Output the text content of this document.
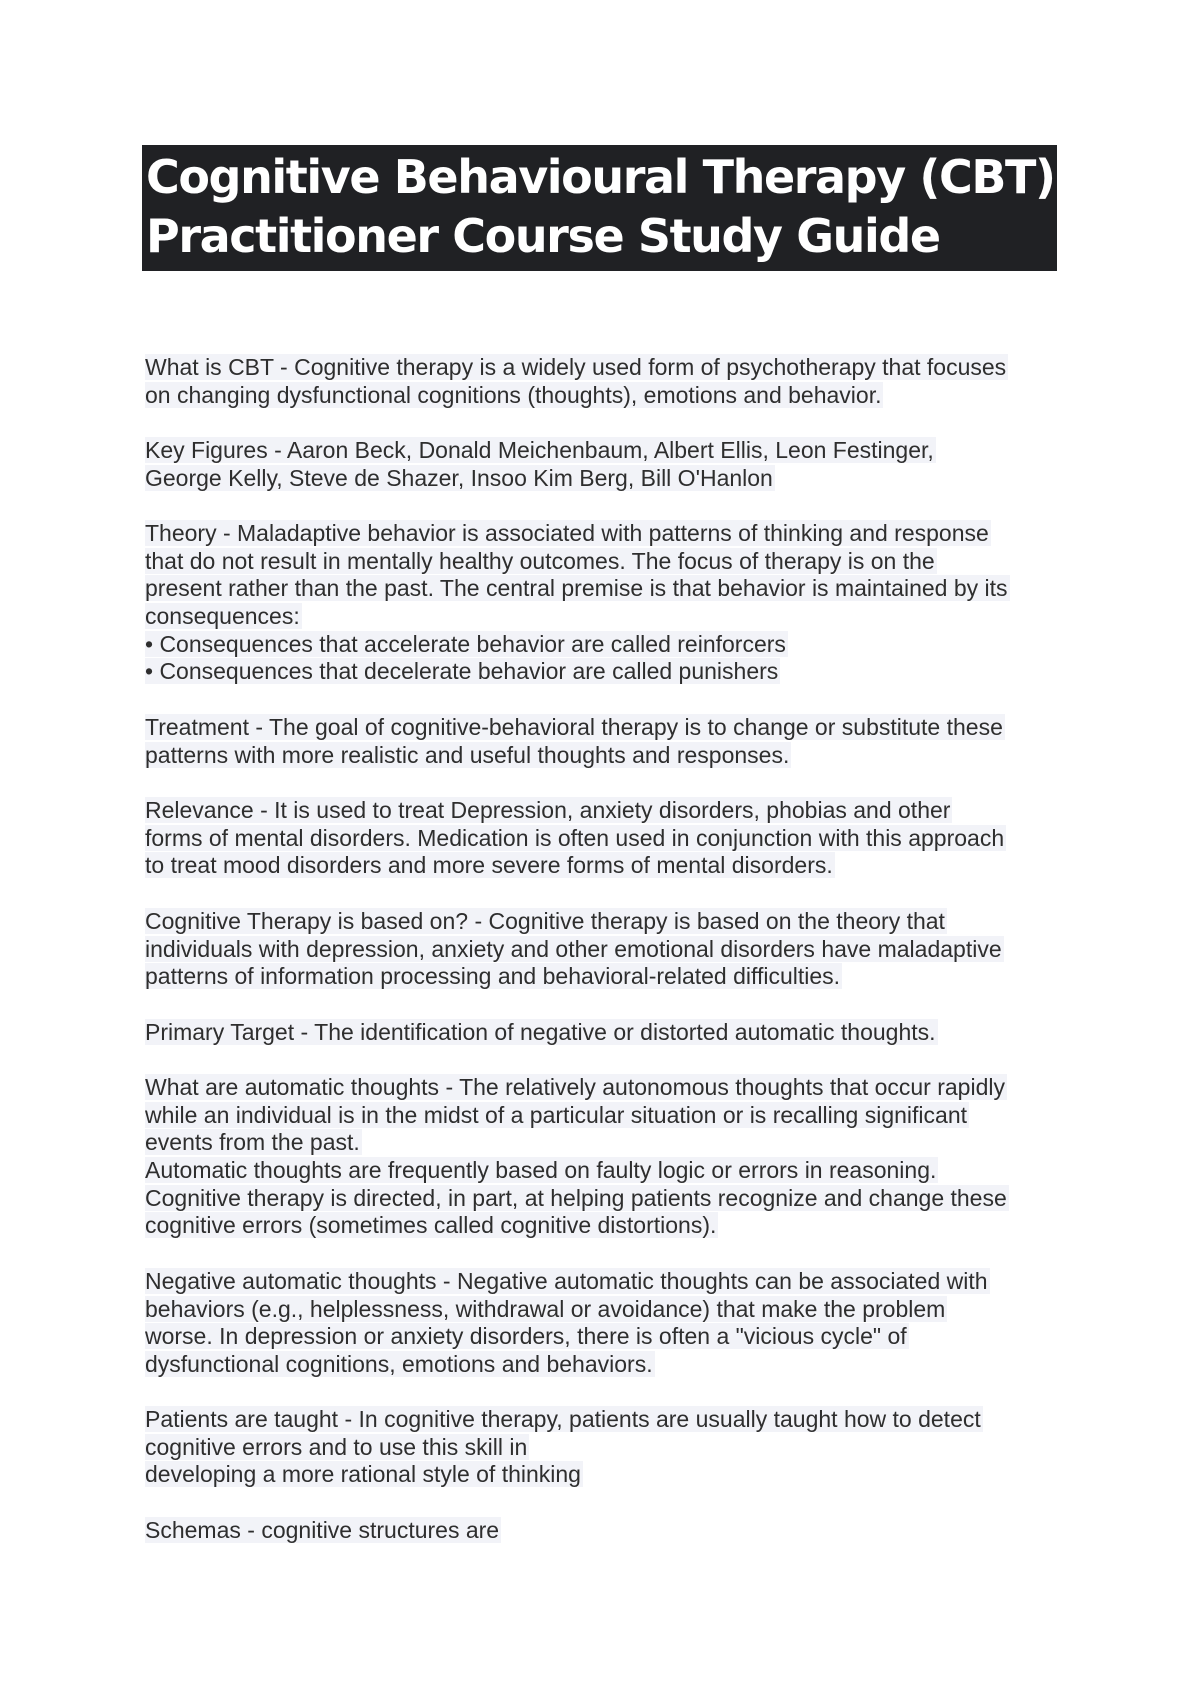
Cognitive Behavioural Therapy (CBT)
Practitioner Course Study Guide
What is CBT - Cognitive therapy is a widely used form of psychotherapy that focuses
on changing dysfunctional cognitions (thoughts), emotions and behavior.
Key Figures - Aaron Beck, Donald Meichenbaum, Albert Ellis, Leon Festinger,
George Kelly, Steve de Shazer, Insoo Kim Berg, Bill O'Hanlon
Theory - Maladaptive behavior is associated with patterns of thinking and response
that do not result in mentally healthy outcomes. The focus of therapy is on the
present rather than the past. The central premise is that behavior is maintained by its
consequences:
• Consequences that accelerate behavior are called reinforcers
• Consequences that decelerate behavior are called punishers
Treatment - The goal of cognitive-behavioral therapy is to change or substitute these
patterns with more realistic and useful thoughts and responses.
Relevance - It is used to treat Depression, anxiety disorders, phobias and other
forms of mental disorders. Medication is often used in conjunction with this approach
to treat mood disorders and more severe forms of mental disorders.
Cognitive Therapy is based on? - Cognitive therapy is based on the theory that
individuals with depression, anxiety and other emotional disorders have maladaptive
patterns of information processing and behavioral-related difficulties.
Primary Target - The identification of negative or distorted automatic thoughts.
What are automatic thoughts - The relatively autonomous thoughts that occur rapidly
while an individual is in the midst of a particular situation or is recalling significant
events from the past.
Automatic thoughts are frequently based on faulty logic or errors in reasoning.
Cognitive therapy is directed, in part, at helping patients recognize and change these
cognitive errors (sometimes called cognitive distortions).
Negative automatic thoughts - Negative automatic thoughts can be associated with
behaviors (e.g., helplessness, withdrawal or avoidance) that make the problem
worse. In depression or anxiety disorders, there is often a "vicious cycle" of
dysfunctional cognitions, emotions and behaviors.
Patients are taught - In cognitive therapy, patients are usually taught how to detect
cognitive errors and to use this skill in
developing a more rational style of thinking
Schemas - cognitive structures are
